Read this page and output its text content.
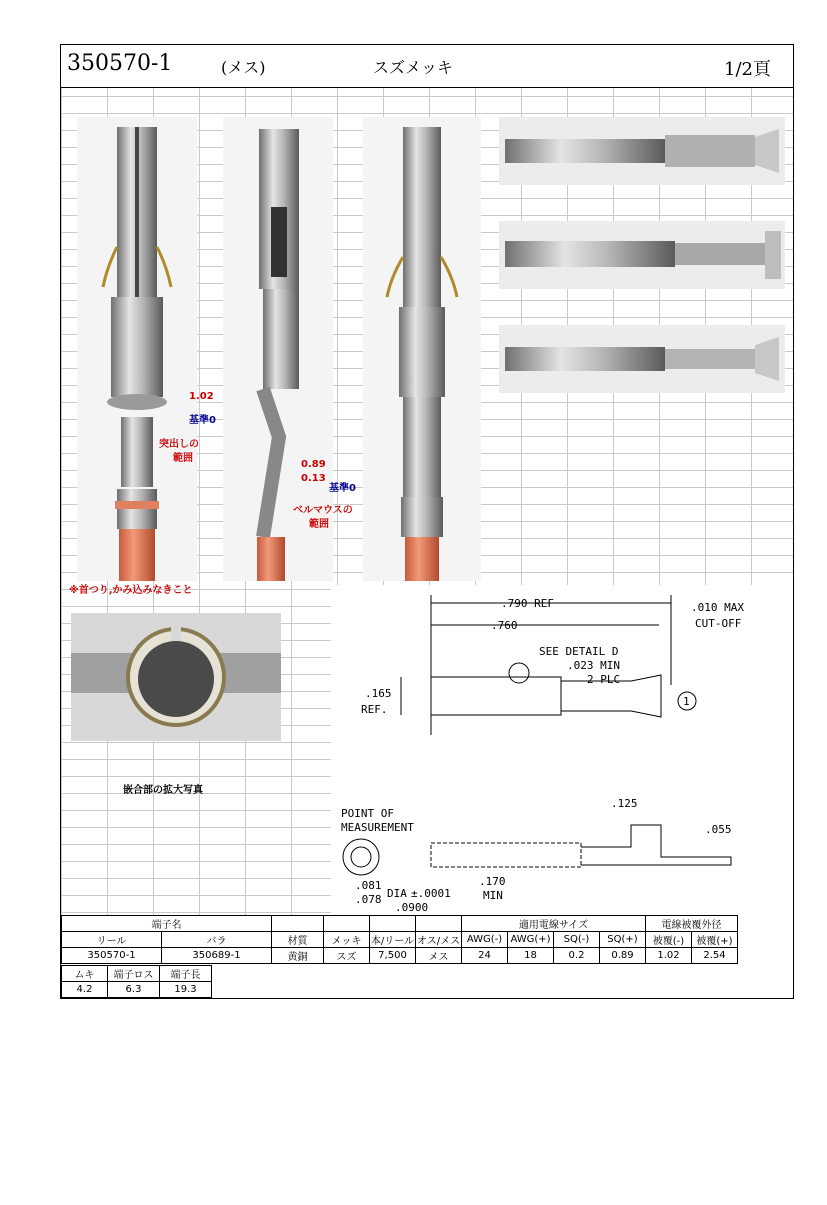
350570-1	(メス)	スズメッキ	1/2頁
1.02
基準0
突出しの
範囲
0.89
0.13
基準0
ベルマウスの
範囲
※首つり,かみ込みなきこと
嵌合部の拡大写真
.790 REF
.760
.010 MAX
CUT-OFF
SEE DETAIL D
.023 MIN
2 PLC
.165
REF.
1
POINT OF
MEASUREMENT
.125
.055
±.0001
.0900
.170
MIN
.081
.078 DIA
端子名						適用電線サイズ				電線被覆外径	
リール	バラ	材質	メッキ	本/リール	オス/メス	AWG(-)	AWG(+)	SQ(-)	SQ(+)	被覆(-)	被覆(+)
350570-1	350689-1	黄銅	スズ	7,500	メス	24	18	0.2	0.89	1.02	2.54
ムキ	端子ロス	端子長
4.2	6.3	19.3
